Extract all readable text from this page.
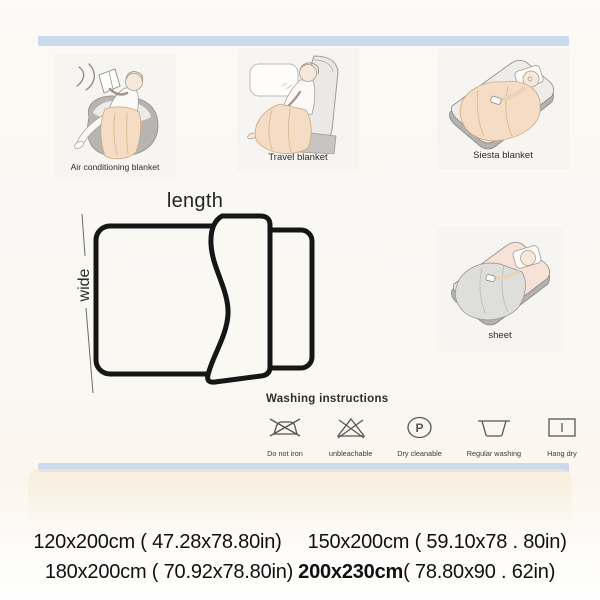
Air conditioning blanket
Travel blanket	Siesta blanket
sheet
length
wide
Washing instructions
Do not iron	unbleachable
P
Dry cleanable	Regular washing	Hang dry
120x200cm ( 47.28x78.80in) 150x200cm ( 59.10x78 . 80in)
180x200cm ( 70.92x78.80in) 200x230cm( 78.80x90 . 62in)
